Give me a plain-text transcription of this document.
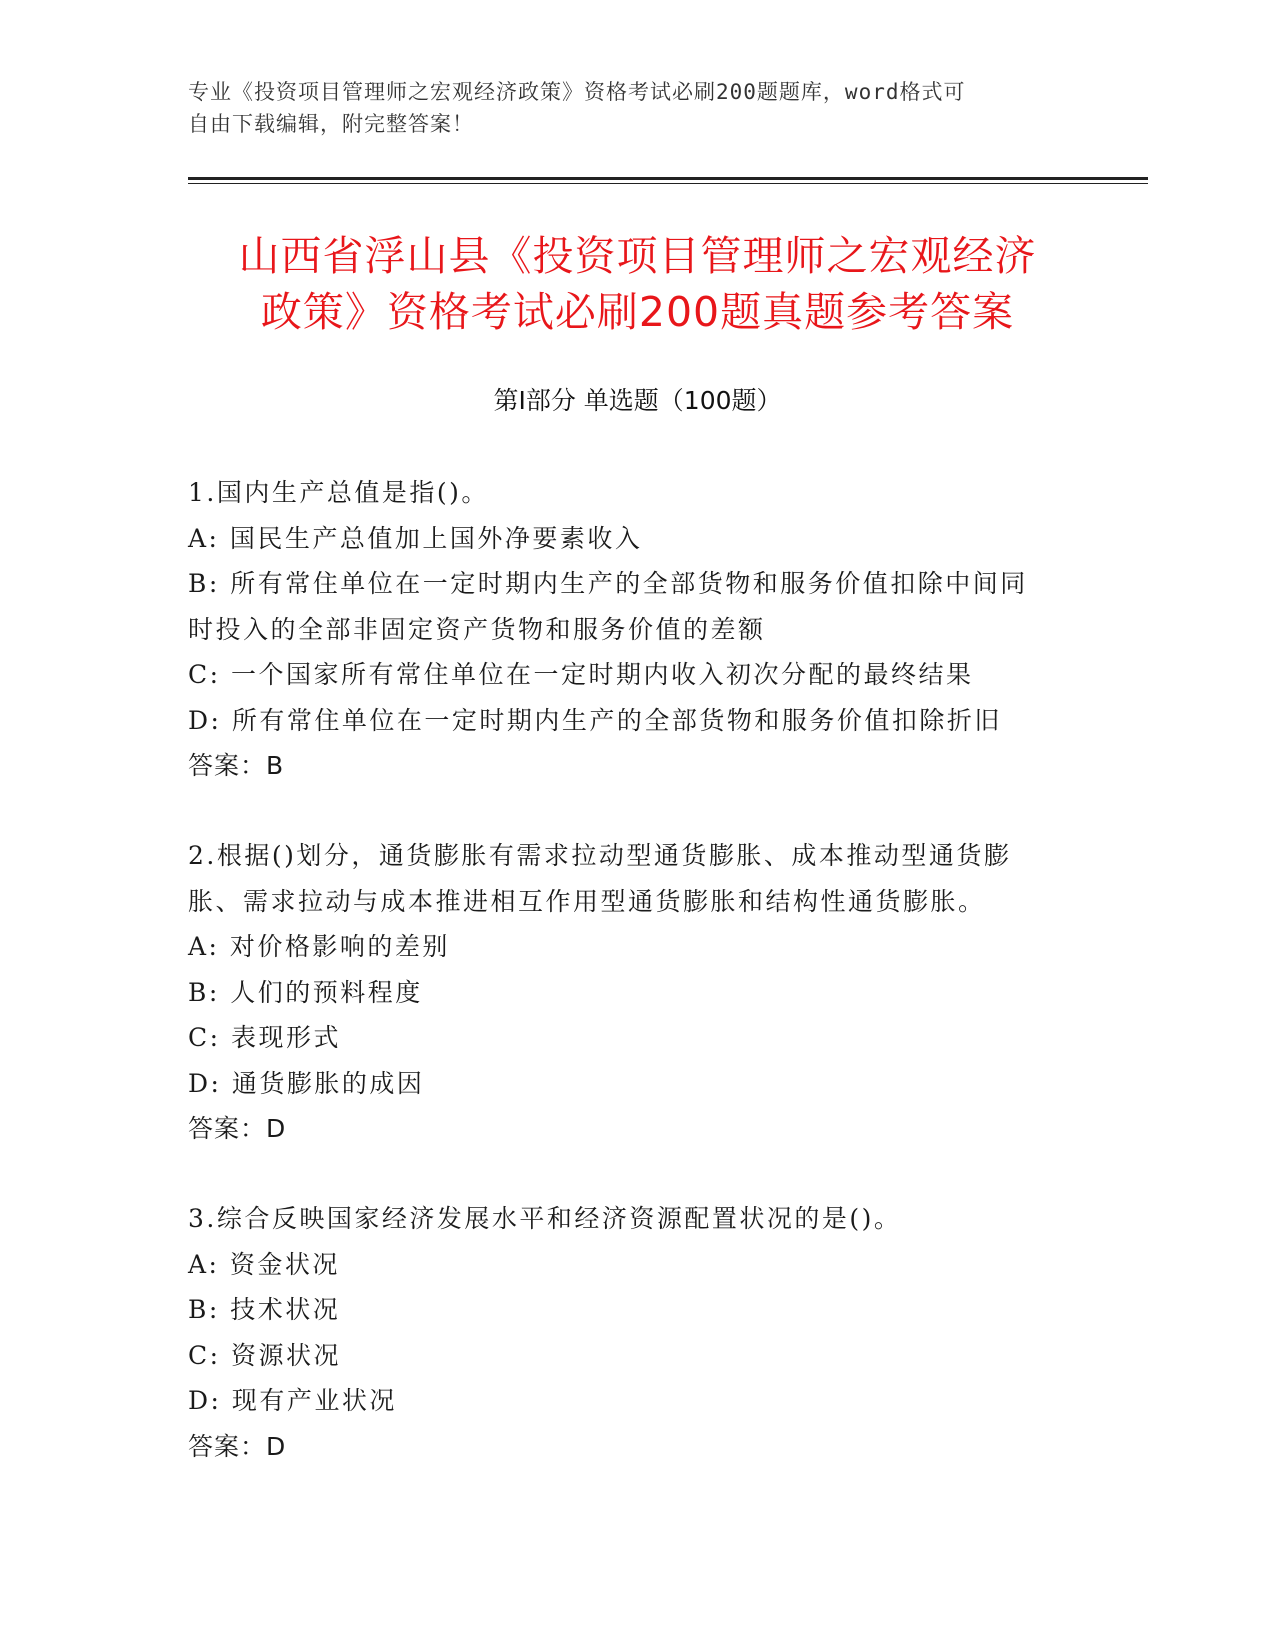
专业《投资项目管理师之宏观经济政策》资格考试必刷200题题库，word格式可
自由下载编辑，附完整答案！
山西省浮山县《投资项目管理师之宏观经济
政策》资格考试必刷200题真题参考答案
第Ⅰ部分 单选题（100题）
1.国内生产总值是指()。
A: 国民生产总值加上国外净要素收入
B: 所有常住单位在一定时期内生产的全部货物和服务价值扣除中间同
时投入的全部非固定资产货物和服务价值的差额
C: 一个国家所有常住单位在一定时期内收入初次分配的最终结果
D: 所有常住单位在一定时期内生产的全部货物和服务价值扣除折旧
答案：B
2.根据()划分，通货膨胀有需求拉动型通货膨胀、成本推动型通货膨
胀、需求拉动与成本推进相互作用型通货膨胀和结构性通货膨胀。
A: 对价格影响的差别
B: 人们的预料程度
C: 表现形式
D: 通货膨胀的成因
答案：D
3.综合反映国家经济发展水平和经济资源配置状况的是()。
A: 资金状况
B: 技术状况
C: 资源状况
D: 现有产业状况
答案：D
